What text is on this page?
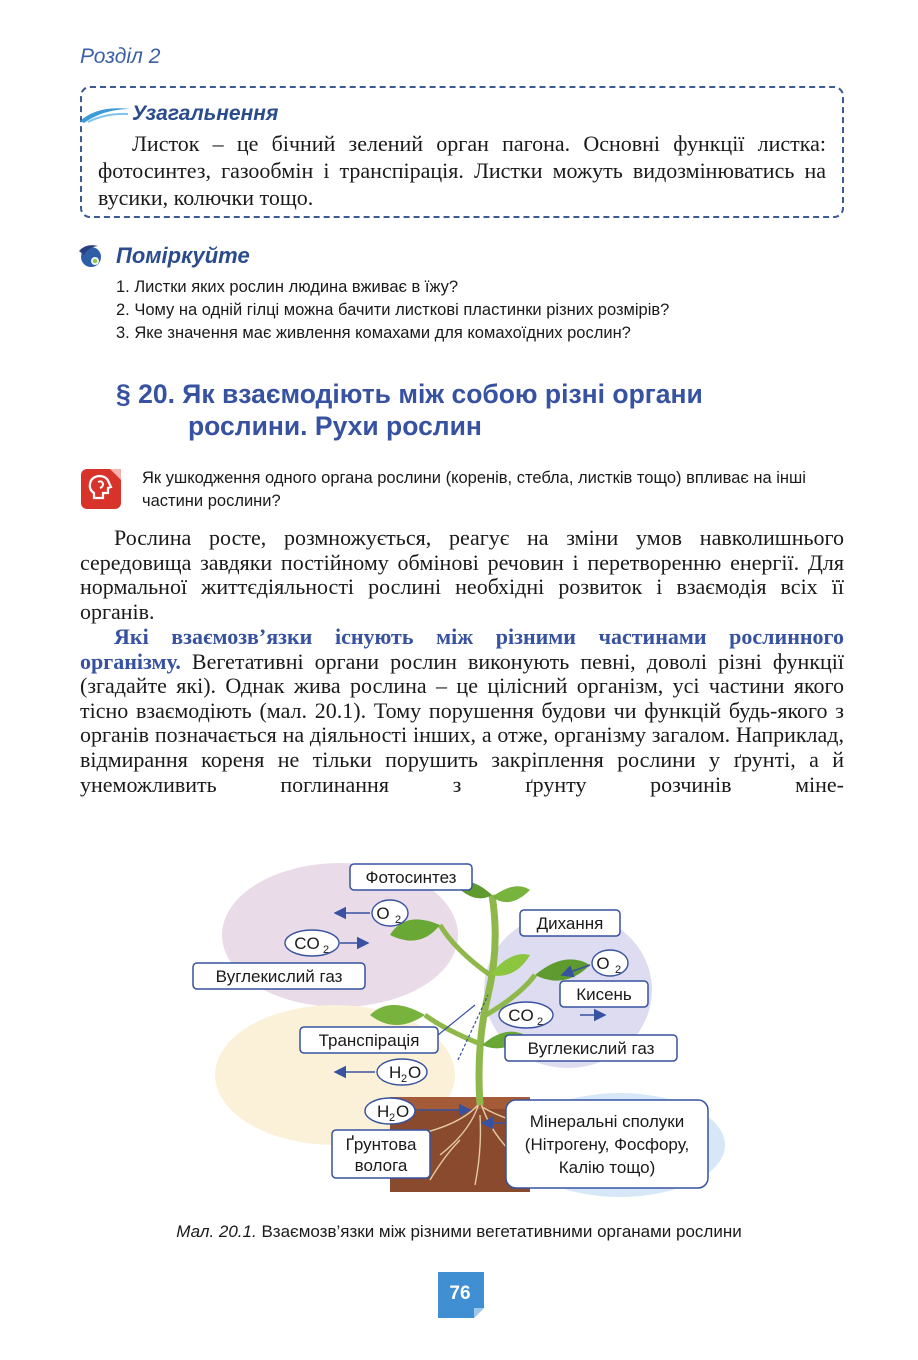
Розділ 2
Узагальнення
Листок – це бічний зелений орган пагона. Основні функції листка: фотосинтез, газообмін і транспірація. Листки можуть видозмінюватись на вусики, колючки тощо.
Поміркуйте
1. Листки яких рослин людина вживає в їжу?
2. Чому на одній гілці можна бачити листкові пластинки різних розмірів?
3. Яке значення має живлення комахами для комахоїдних рослин?
§ 20. Як взаємодіють між собою різні органи
рослини. Рухи рослин
Як ушкодження одного органа рослини (коренів, стебла, листків тощо) впливає на інші частини рослини?

Рослина росте, розмножується, реагує на зміни умов навколишнього середовища завдяки постійному обмінові речовин і перетворенню енергії. Для нормальної життєдіяльності рослині необхідні розвиток і взаємодія всіх її органів.

Які взаємозв’язки існують між різними частинами рослинного організму. Вегетативні органи рослин виконують певні, доволі різні функції (згадайте які). Однак жива рослина – це цілісний організм, усі частини якого тісно взаємодіють (мал. 20.1). Тому порушення будови чи функцій будь-якого з органів позначається на діяльності інших, а отже, організму загалом. Наприклад, відмирання кореня не тільки порушить закріплення рослини у ґрунті, а й унеможливить поглинання з ґрунту розчинів міне-

Фотосинтез
O 2
CO 2
Вуглекислий газ
Дихання
O 2
Кисень
CO 2
Вуглекислий газ
Транспірація
H 2 O
H 2 O
Ґрунтова
волога
Мінеральні сполуки
(Нітрогену, Фосфору,
Калію тощо)
Мал. 20.1. Взаємозв’язки між різними вегетативними органами рослини
76
